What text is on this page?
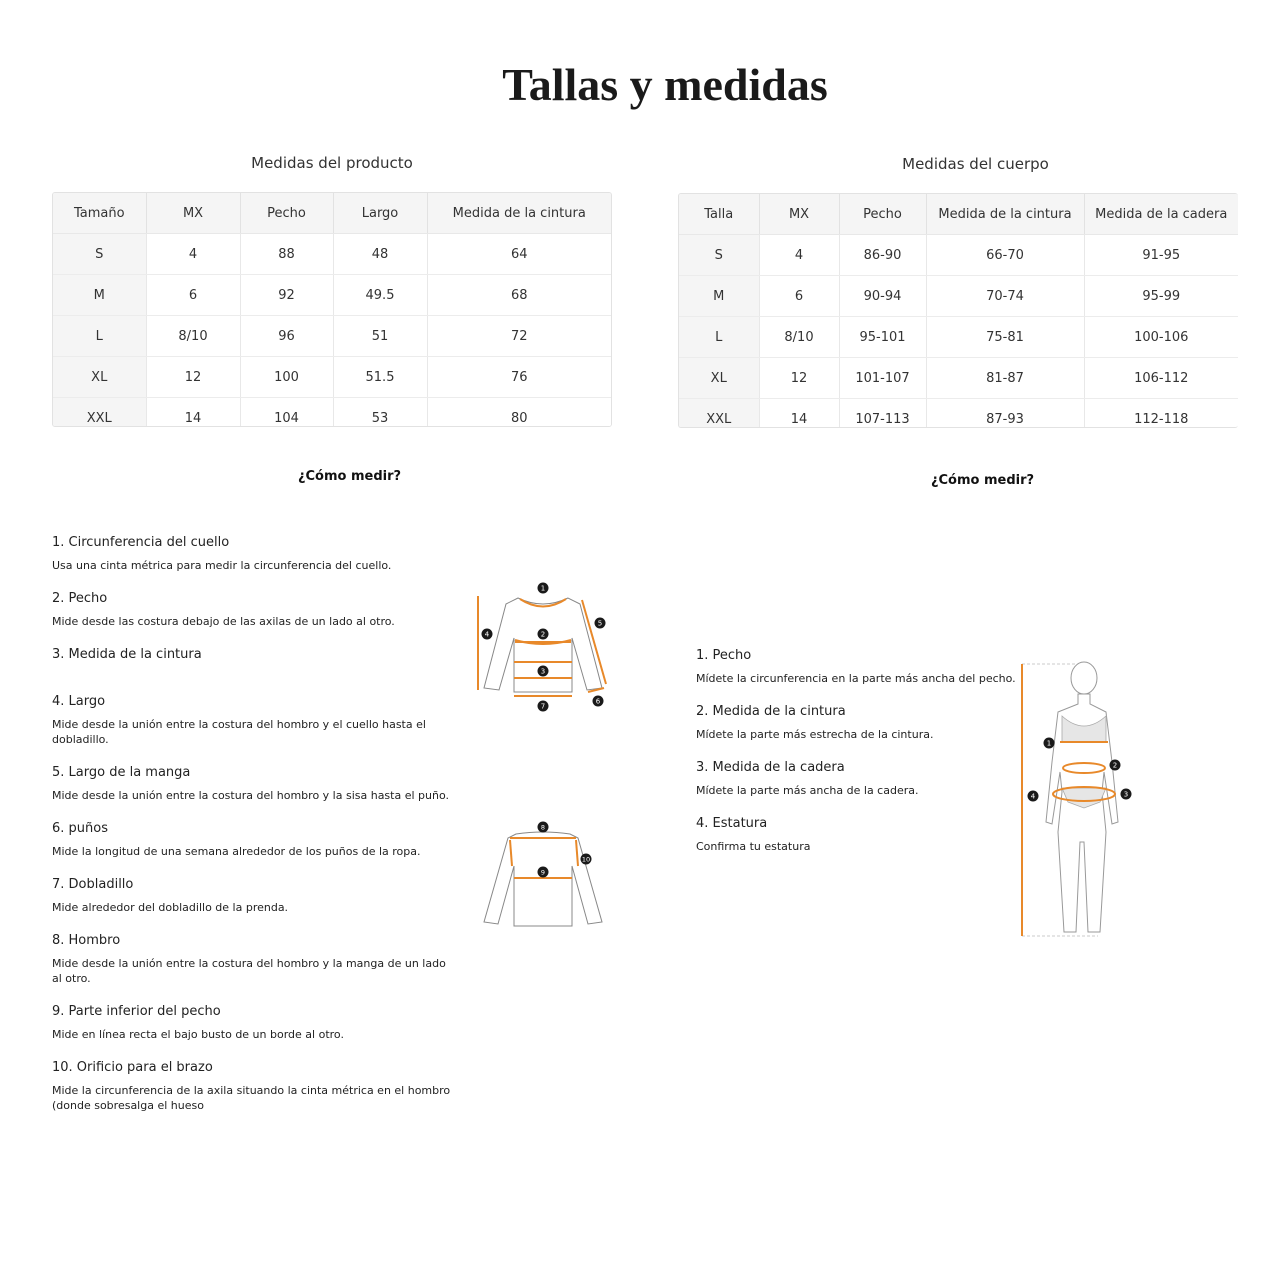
Tallas y medidas
Medidas del producto
Tamaño	MX	Pecho	Largo	Medida de la cintura
S	4	88	48	64
M	6	92	49.5	68
L	8/10	96	51	72
XL	12	100	51.5	76
XXL	14	104	53	80
¿Cómo medir?
1. Circunferencia del cuello
Usa una cinta métrica para medir la circunferencia del cuello.
2. Pecho
Mide desde las costura debajo de las axilas de un lado al otro.
3. Medida de la cintura
4. Largo
Mide desde la unión entre la costura del hombro y el cuello hasta el dobladillo.
5. Largo de la manga
Mide desde la unión entre la costura del hombro y la sisa hasta el puño.
6. puños
Mide la longitud de una semana alrededor de los puños de la ropa.
7. Dobladillo
Mide alrededor del dobladillo de la prenda.
8. Hombro
Mide desde la unión entre la costura del hombro y la manga de un lado al otro.
9. Parte inferior del pecho
Mide en línea recta el bajo busto de un borde al otro.
10. Orificio para el brazo
Mide la circunferencia de la axila situando la cinta métrica en el hombro (donde sobresalga el hueso
Medidas del cuerpo
Talla	MX	Pecho	Medida de la cintura	Medida de la cadera
S	4	86-90	66-70	91-95
M	6	90-94	70-74	95-99
L	8/10	95-101	75-81	100-106
XL	12	101-107	81-87	106-112
XXL	14	107-113	87-93	112-118
¿Cómo medir?
1. Pecho
Mídete la circunferencia en la parte más ancha del pecho.
2. Medida de la cintura
Mídete la parte más estrecha de la cintura.
3. Medida de la cadera
Mídete la parte más ancha de la cadera.
4. Estatura
Confirma tu estatura
1
2
3
4
5
6
7
8
9
10
1
2
3
4
